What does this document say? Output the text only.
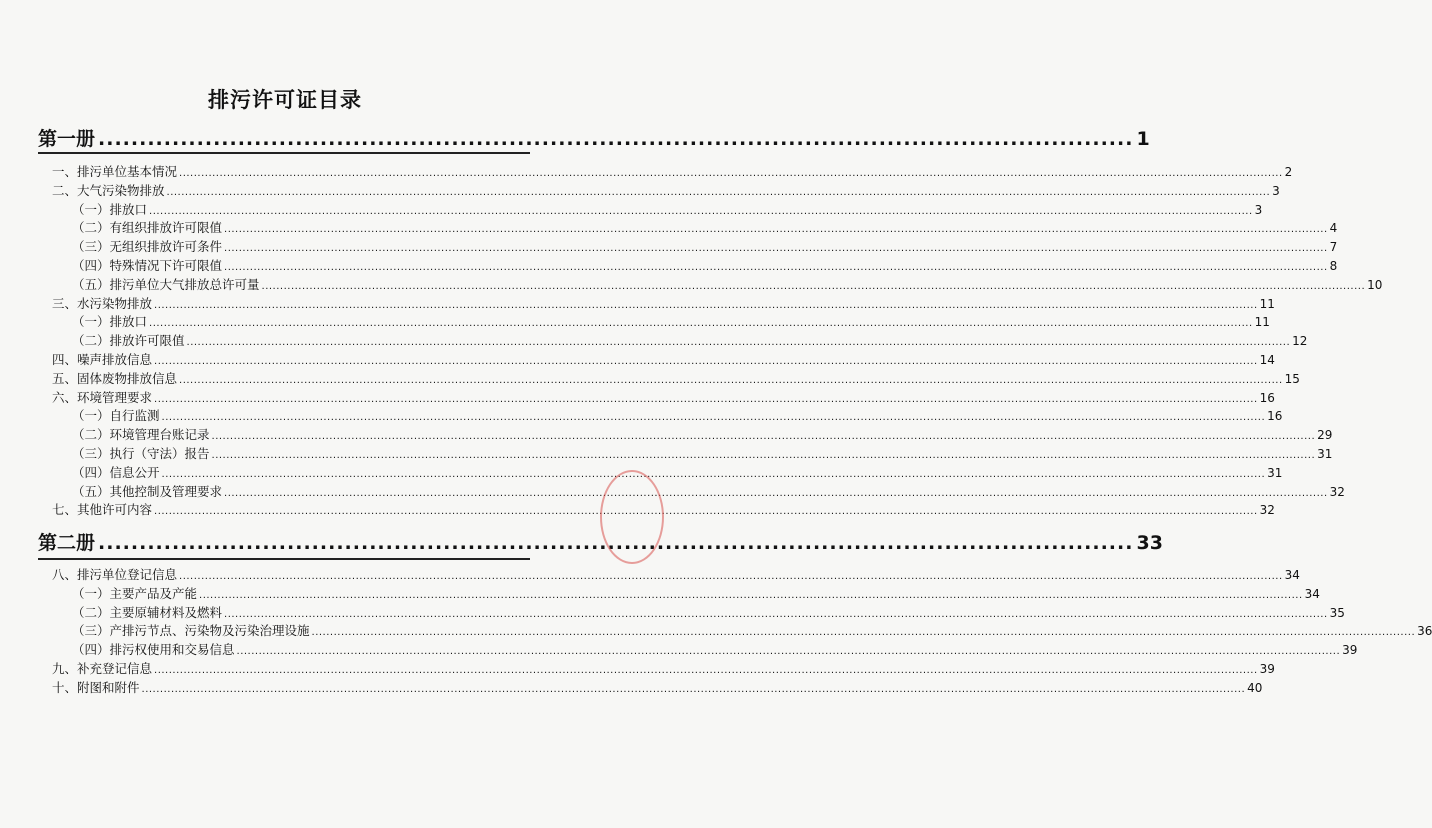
排污许可证目录
第一册 .............................................................................................................................. 1
一、排污单位基本情况 ............................................................................................................................................................................................................................................................................................................ 2
二、大气污染物排放 ............................................................................................................................................................................................................................................................................................................ 3
（一）排放口 ............................................................................................................................................................................................................................................................................................................ 3
（二）有组织排放许可限值 ............................................................................................................................................................................................................................................................................................................ 4
（三）无组织排放许可条件 ............................................................................................................................................................................................................................................................................................................ 7
（四）特殊情况下许可限值 ............................................................................................................................................................................................................................................................................................................ 8
（五）排污单位大气排放总许可量 ............................................................................................................................................................................................................................................................................................................ 10
三、水污染物排放 ............................................................................................................................................................................................................................................................................................................ 11
（一）排放口 ............................................................................................................................................................................................................................................................................................................ 11
（二）排放许可限值 ............................................................................................................................................................................................................................................................................................................ 12
四、噪声排放信息 ............................................................................................................................................................................................................................................................................................................ 14
五、固体废物排放信息 ............................................................................................................................................................................................................................................................................................................ 15
六、环境管理要求 ............................................................................................................................................................................................................................................................................................................ 16
（一）自行监测 ............................................................................................................................................................................................................................................................................................................ 16
（二）环境管理台账记录 ............................................................................................................................................................................................................................................................................................................ 29
（三）执行（守法）报告 ............................................................................................................................................................................................................................................................................................................ 31
（四）信息公开 ............................................................................................................................................................................................................................................................................................................ 31
（五）其他控制及管理要求 ............................................................................................................................................................................................................................................................................................................ 32
七、其他许可内容 ............................................................................................................................................................................................................................................................................................................ 32
第二册 .............................................................................................................................. 33
八、排污单位登记信息 ............................................................................................................................................................................................................................................................................................................ 34
（一）主要产品及产能 ............................................................................................................................................................................................................................................................................................................ 34
（二）主要原辅材料及燃料 ............................................................................................................................................................................................................................................................................................................ 35
（三）产排污节点、污染物及污染治理设施 ............................................................................................................................................................................................................................................................................................................ 36
（四）排污权使用和交易信息 ............................................................................................................................................................................................................................................................................................................ 39
九、补充登记信息 ............................................................................................................................................................................................................................................................................................................ 39
十、附图和附件 ............................................................................................................................................................................................................................................................................................................ 40
